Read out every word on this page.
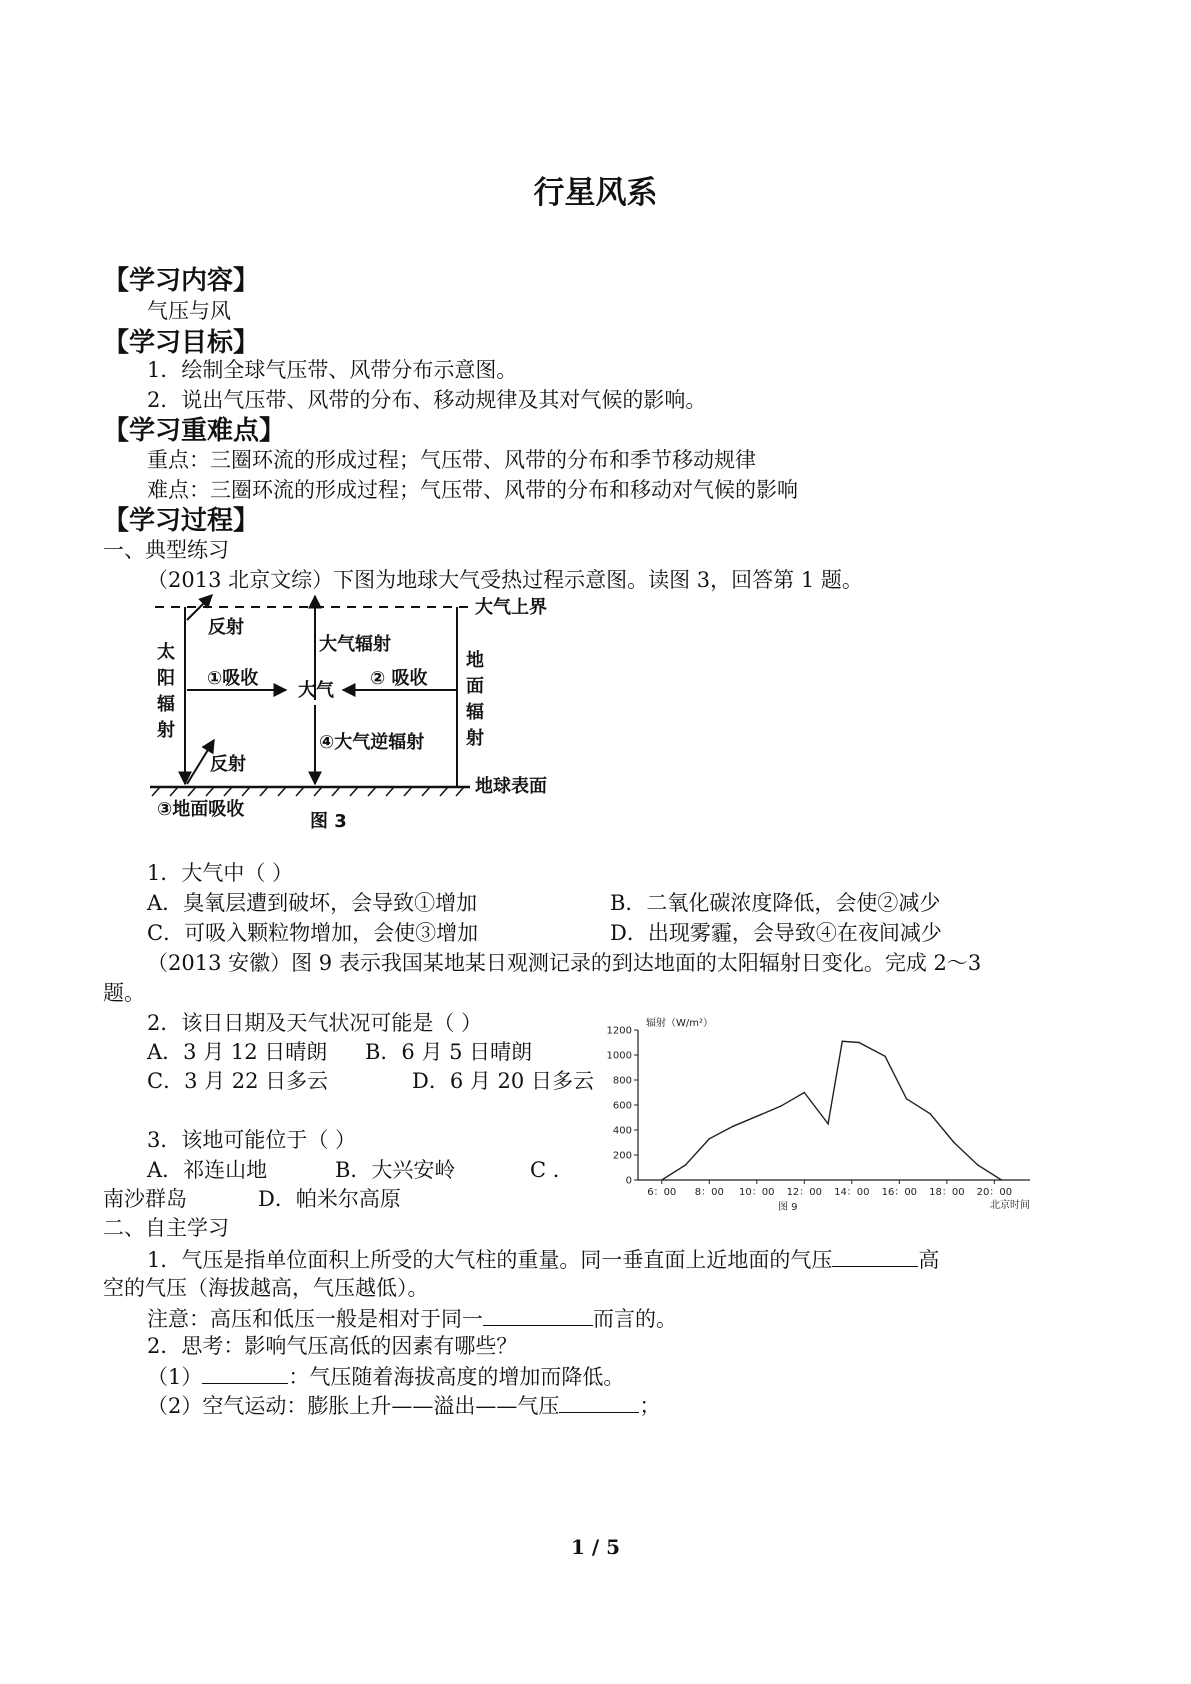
行星风系
【学习内容】
气压与风
【学习目标】
1．绘制全球气压带、风带分布示意图。
2．说出气压带、风带的分布、移动规律及其对气候的影响。
【学习重难点】
重点：三圈环流的形成过程；气压带、风带的分布和季节移动规律
难点：三圈环流的形成过程；气压带、风带的分布和移动对气候的影响
【学习过程】
一、典型练习
（2013 北京文综）下图为地球大气受热过程示意图。读图 3，回答第 1 题。
大气上界
地球表面
太
阳
辐
射
地
面
辐
射
反射
反射
①吸收	② 吸收
大气
大气辐射
④大气逆辐射
③地面吸收
图 3
1．大气中（ ）
A．臭氧层遭到破坏，会导致①增加	B．二氧化碳浓度降低，会使②减少
C．可吸入颗粒物增加，会使③增加	D．出现雾霾，会导致④在夜间减少
（2013 安徽）图 9 表示我国某地某日观测记录的到达地面的太阳辐射日变化。完成 2～3
题。
2．该日日期及天气状况可能是（ ）
A．3 月 12 日晴朗 B．6 月 5 日晴朗
C．3 月 22 日多云	D．6 月 20 日多云
3．该地可能位于（ ）
A．祁连山地	B．大兴安岭	C ．
南沙群岛	D．帕米尔高原
辐射（W/m²）
北京时间
图 9
0
200
400
600
800
1000
1200
6：00 8：00 10：00 12：00 14：00 16：00 18：00 20：00
二、自主学习
1．气压是指单位面积上所受的大气柱的重量。同一垂直面上近地面的气压	高
空的气压（海拔越高，气压越低）。
注意：高压和低压一般是相对于同一	而言的。
2．思考：影响气压高低的因素有哪些？
（1）	：气压随着海拔高度的增加而降低。
（2）空气运动：膨胀上升——溢出——气压	；
1 / 5
